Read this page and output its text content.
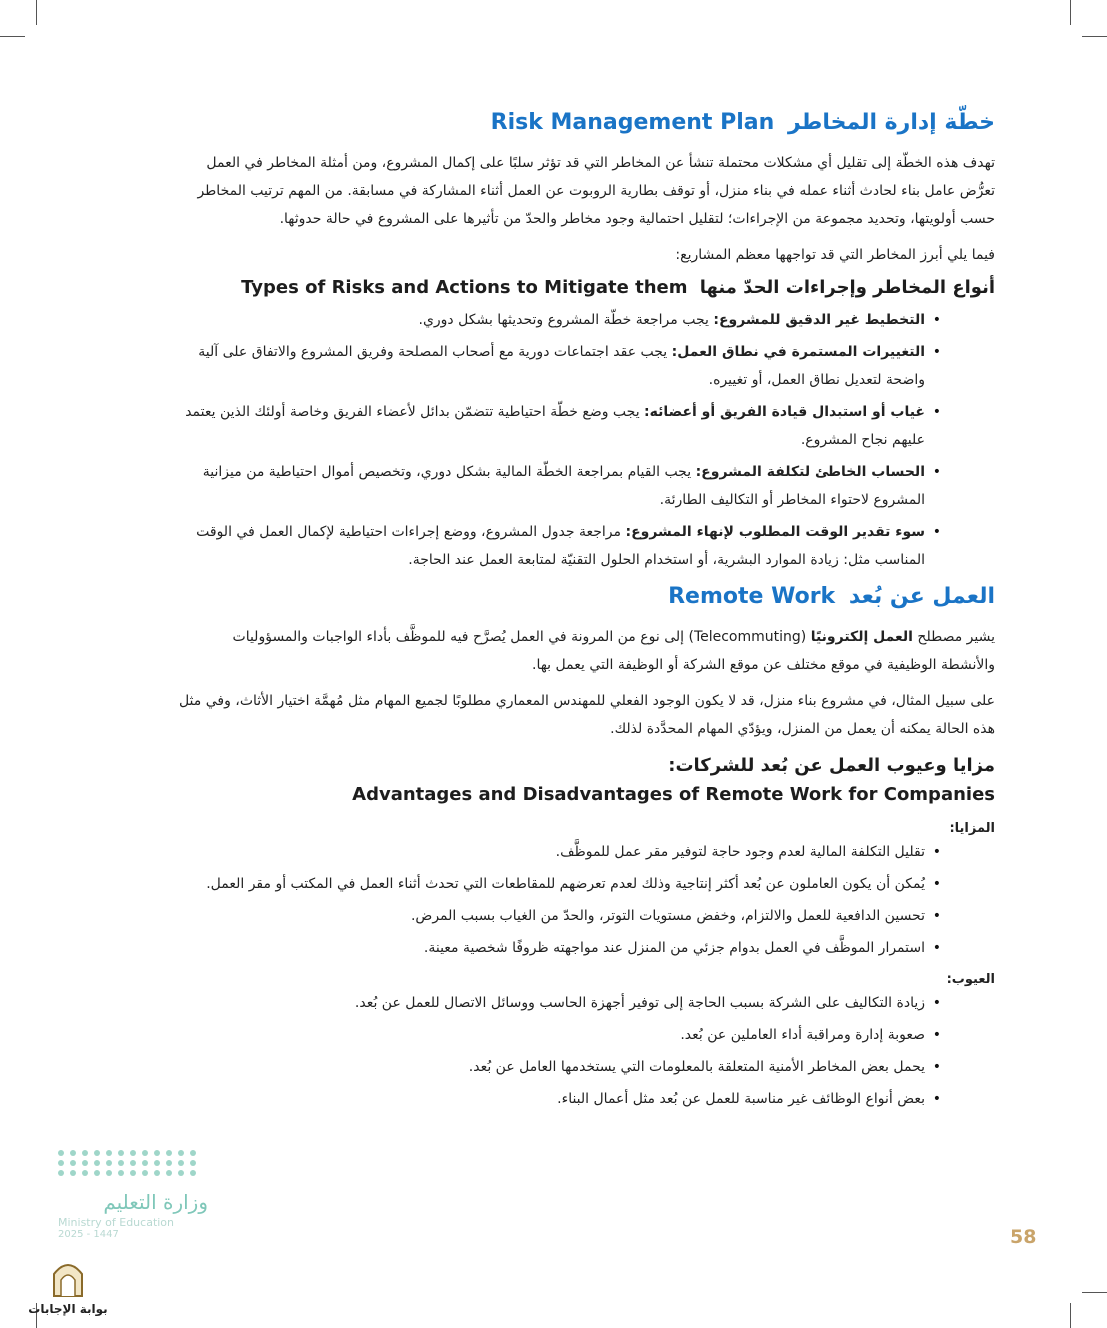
خطّة إدارة المخاطر Risk Management Plan

تهدف هذه الخطّة إلى تقليل أي مشكلات محتملة تنشأ عن المخاطر التي قد تؤثر سلبًا على إكمال المشروع، ومن أمثلة المخاطر في العمل تعرُّض عامل بناء لحادث أثناء عمله في بناء منزل، أو توقف بطارية الروبوت عن العمل أثناء المشاركة في مسابقة. من المهم ترتيب المخاطر حسب أولويتها، وتحديد مجموعة من الإجراءات؛ لتقليل احتمالية وجود مخاطر والحدّ من تأثيرها على المشروع في حالة حدوثها.

فيما يلي أبرز المخاطر التي قد تواجهها معظم المشاريع:

أنواع المخاطر وإجراءات الحدّ منها Types of Risks and Actions to Mitigate them
• التخطيط غير الدقيق للمشروع: يجب مراجعة خطّة المشروع وتحديثها بشكل دوري.
• التغييرات المستمرة في نطاق العمل: يجب عقد اجتماعات دورية مع أصحاب المصلحة وفريق المشروع والاتفاق على آلية واضحة لتعديل نطاق العمل، أو تغييره.
• غياب أو استبدال قيادة الفريق أو أعضائه: يجب وضع خطّة احتياطية تتضمّن بدائل لأعضاء الفريق وخاصة أولئك الذين يعتمد عليهم نجاح المشروع.
• الحساب الخاطئ لتكلفة المشروع: يجب القيام بمراجعة الخطّة المالية بشكل دوري، وتخصيص أموال احتياطية من ميزانية المشروع لاحتواء المخاطر أو التكاليف الطارئة.
• سوء تقدير الوقت المطلوب لإنهاء المشروع: مراجعة جدول المشروع، ووضع إجراءات احتياطية لإكمال العمل في الوقت المناسب مثل: زيادة الموارد البشرية، أو استخدام الحلول التقنيّة لمتابعة العمل عند الحاجة.
العمل عن بُعد Remote Work

يشير مصطلح العمل إلكترونيًا (Telecommuting) إلى نوع من المرونة في العمل يُصرَّح فيه للموظَّف بأداء الواجبات والمسؤوليات والأنشطة الوظيفية في موقع مختلف عن موقع الشركة أو الوظيفة التي يعمل بها.

على سبيل المثال، في مشروع بناء منزل، قد لا يكون الوجود الفعلي للمهندس المعماري مطلوبًا لجميع المهام مثل مُهمَّة اختيار الأثاث، وفي مثل هذه الحالة يمكنه أن يعمل من المنزل، ويؤدّي المهام المحدَّدة لذلك.

مزايا وعيوب العمل عن بُعد للشركات:
Advantages and Disadvantages of Remote Work for Companies
المزايا:
• تقليل التكلفة المالية لعدم وجود حاجة لتوفير مقر عمل للموظَّف.
• يُمكن أن يكون العاملون عن بُعد أكثر إنتاجية وذلك لعدم تعرضهم للمقاطعات التي تحدث أثناء العمل في المكتب أو مقر العمل.
• تحسين الدافعية للعمل والالتزام، وخفض مستويات التوتر، والحدّ من الغياب بسبب المرض.
• استمرار الموظَّف في العمل بدوام جزئي من المنزل عند مواجهته ظروفًا شخصية معينة.
العيوب:
• زيادة التكاليف على الشركة بسبب الحاجة إلى توفير أجهزة الحاسب ووسائل الاتصال للعمل عن بُعد.
• صعوبة إدارة ومراقبة أداء العاملين عن بُعد.
• يحمل بعض المخاطر الأمنية المتعلقة بالمعلومات التي يستخدمها العامل عن بُعد.
• بعض أنواع الوظائف غير مناسبة للعمل عن بُعد مثل أعمال البناء.
58
وزارة التعليم
Ministry of Education
2025 - 1447
بوابة الإجابات
